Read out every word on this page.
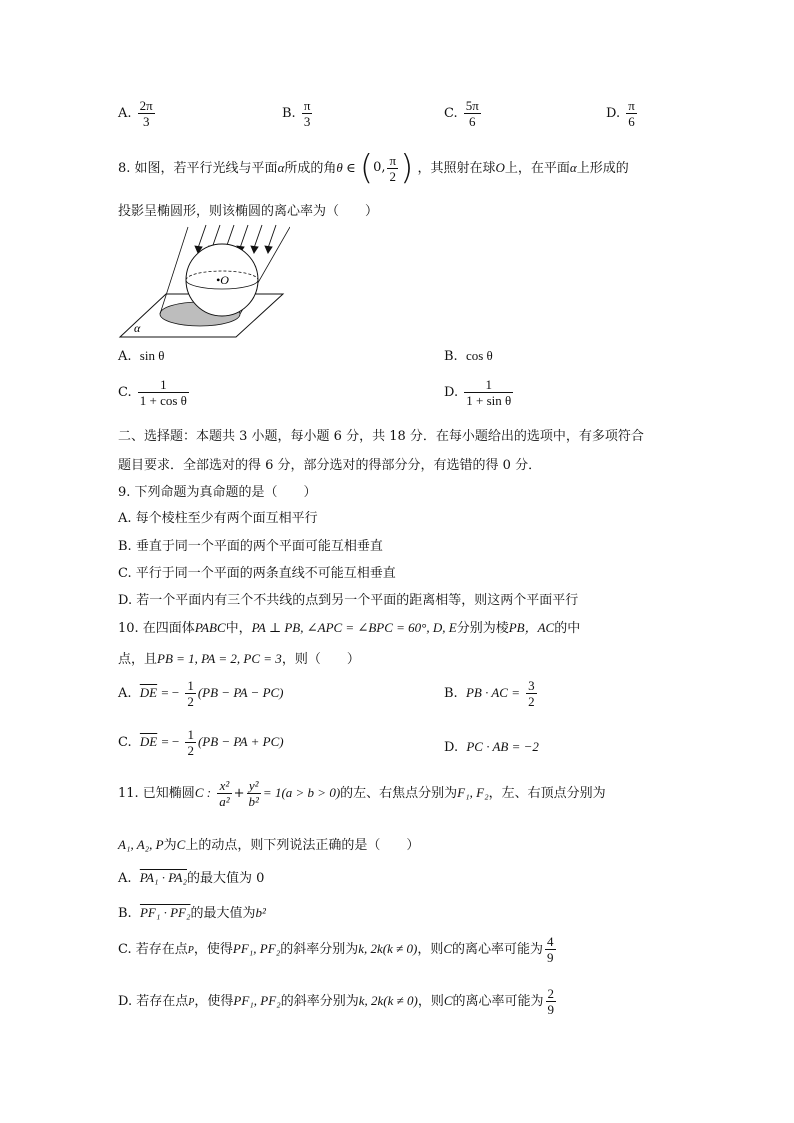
A. $\frac{2\pi}{3}$	B. $\frac{\pi}{3}$	C. $\frac{5\pi}{6}$	D. $\frac{\pi}{6}$
8. 如图，若平行光线与平面α所成的角θ ∈ (0, $\frac{\pi}{2}$ ) ，其照射在球O上，在平面α上形成的
投影呈椭圆形，则该椭圆的离心率为（　　）
•O
α
A. sin θ	B. cos θ
C. $\frac{1}{\text{1 + cos θ}}$	D. $\frac{1}{\text{1 + sin θ}}$
二、选择题：本题共 3 小题，每小题 6 分，共 18 分．在每小题给出的选项中，有多项符合
题目要求．全部选对的得 6 分，部分选对的得部分分，有选错的得 0 分．
9. 下列命题为真命题的是（　　）
A. 每个棱柱至少有两个面互相平行
B. 垂直于同一个平面的两个平面可能互相垂直
C. 平行于同一个平面的两条直线不可能互相垂直
D. 若一个平面内有三个不共线的点到另一个平面的距离相等，则这两个平面平行
10. 在四面体PABC中，PA ⊥ PB, ∠APC = ∠BPC = 60°, D, E分别为棱PB，AC的中
点，且PB = 1, PA = 2, PC = 3，则（　　）
A. $\overline{DE}$ = − $\frac{1}{2} (PB$ − PA − PC)	B. PB · AC = $\frac{3}{2}$
C. $\overline{DE}$ = − $\frac{1}{2} (PB$ − PA + PC)	D. PC · AB = −2
11. 已知椭圆C : $\frac{\text{x²}}{\text{a²}} + \frac{\text{y²}}{\text{b²}} = 1(a > b > 0)$的左、右焦点分别为F₁, F₂，左、右顶点分别为
A₁, A₂, P为C上的动点，则下列说法正确的是（　　）
A. PA₁ · PA₂的最大值为 0
B. PF₁ · PF₂的最大值为b²
C. 若存在点P，使得PF₁, PF₂的斜率分别为k, 2k(k ≠ 0)，则C的离心率可能为 $\frac{4}{9}$
D. 若存在点P，使得PF₁, PF₂的斜率分别为k, 2k(k ≠ 0)，则C的离心率可能为 $\frac{2}{9}$
